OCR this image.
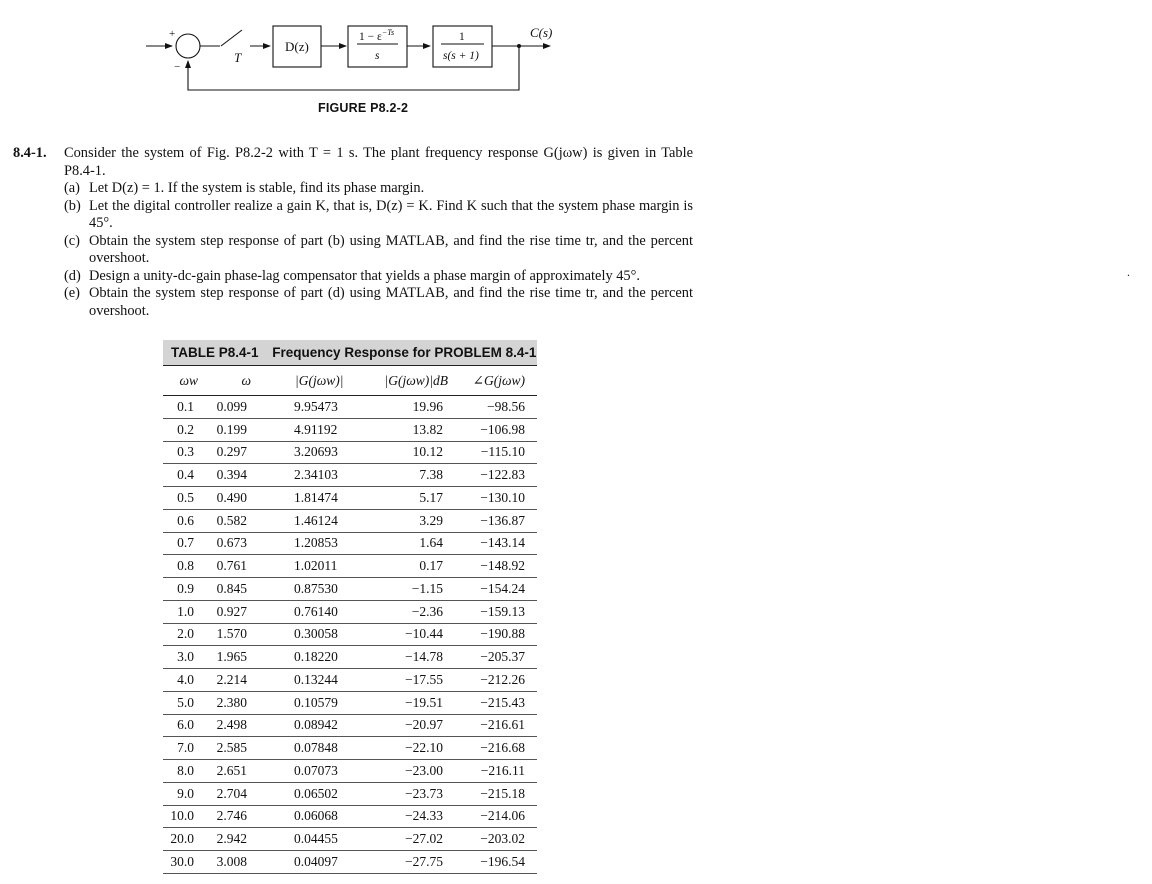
+
−
T
D(z)
$1 - \varepsilon^{-Ts}$
s
1
s(s + 1)
C(s)
FIGURE P8.2-2
8.4-1. Consider the system of Fig. P8.2-2 with T = 1 s. The plant frequency response G(jωw) is given in Table P8.4-1.
(a) Let D(z) = 1. If the system is stable, find its phase margin.
(b) Let the digital controller realize a gain K, that is, D(z) = K. Find K such that the system phase margin is 45°.
(c) Obtain the system step response of part (b) using MATLAB, and find the rise time tr, and the percent overshoot.
(d) Design a unity-dc-gain phase-lag compensator that yields a phase margin of approximately 45°.
(e) Obtain the system step response of part (d) using MATLAB, and find the rise time tr, and the percent overshoot.
.
TABLE P8.4-1 Frequency Response for PROBLEM 8.4-1
ωw	ω	|G(jωw)|	|G(jωw)|dB	∠G(jωw)
0.1	0.099	9.95473	19.96	−98.56
0.2	0.199	4.91192	13.82	−106.98
0.3	0.297	3.20693	10.12	−115.10
0.4	0.394	2.34103	7.38	−122.83
0.5	0.490	1.81474	5.17	−130.10
0.6	0.582	1.46124	3.29	−136.87
0.7	0.673	1.20853	1.64	−143.14
0.8	0.761	1.02011	0.17	−148.92
0.9	0.845	0.87530	−1.15	−154.24
1.0	0.927	0.76140	−2.36	−159.13
2.0	1.570	0.30058	−10.44	−190.88
3.0	1.965	0.18220	−14.78	−205.37
4.0	2.214	0.13244	−17.55	−212.26
5.0	2.380	0.10579	−19.51	−215.43
6.0	2.498	0.08942	−20.97	−216.61
7.0	2.585	0.07848	−22.10	−216.68
8.0	2.651	0.07073	−23.00	−216.11
9.0	2.704	0.06502	−23.73	−215.18
10.0	2.746	0.06068	−24.33	−214.06
20.0	2.942	0.04455	−27.02	−203.02
30.0	3.008	0.04097	−27.75	−196.54
